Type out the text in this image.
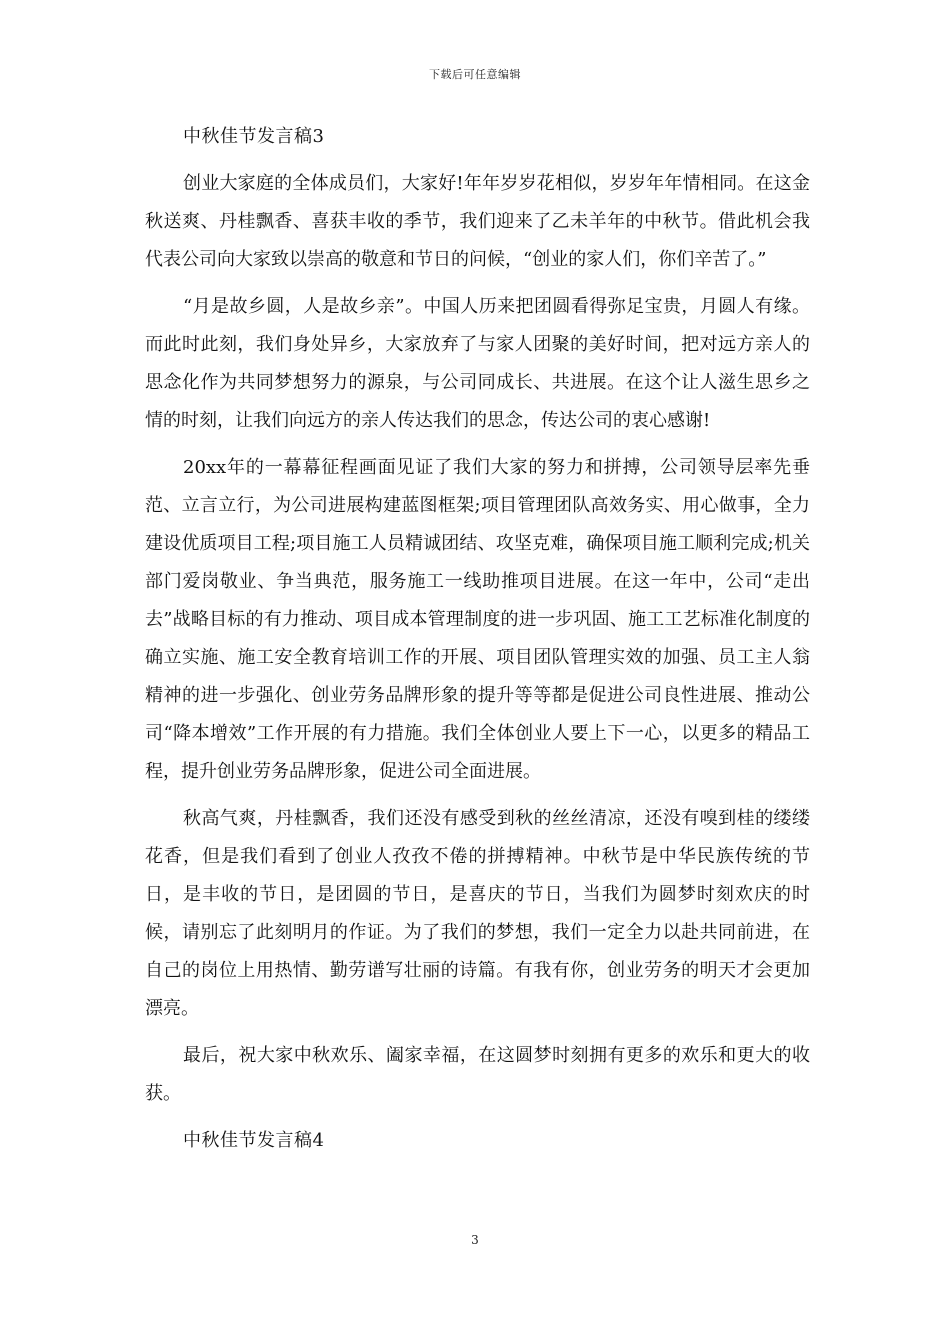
下载后可任意编辑

中秋佳节发言稿3

创业大家庭的全体成员们，大家好!年年岁岁花相似，岁岁年年情相同。在这金秋送爽、丹桂飘香、喜获丰收的季节，我们迎来了乙未羊年的中秋节。借此机会我代表公司向大家致以崇高的敬意和节日的问候，“创业的家人们，你们辛苦了。”

“月是故乡圆，人是故乡亲”。中国人历来把团圆看得弥足宝贵，月圆人有缘。而此时此刻，我们身处异乡，大家放弃了与家人团聚的美好时间，把对远方亲人的思念化作为共同梦想努力的源泉，与公司同成长、共进展。在这个让人滋生思乡之情的时刻，让我们向远方的亲人传达我们的思念，传达公司的衷心感谢!

20xx年的一幕幕征程画面见证了我们大家的努力和拼搏，公司领导层率先垂范、立言立行，为公司进展构建蓝图框架;项目管理团队高效务实、用心做事，全力建设优质项目工程;项目施工人员精诚团结、攻坚克难，确保项目施工顺利完成;机关部门爱岗敬业、争当典范，服务施工一线助推项目进展。在这一年中，公司“走出去”战略目标的有力推动、项目成本管理制度的进一步巩固、施工工艺标准化制度的确立实施、施工安全教育培训工作的开展、项目团队管理实效的加强、员工主人翁精神的进一步强化、创业劳务品牌形象的提升等等都是促进公司良性进展、推动公司“降本增效”工作开展的有力措施。我们全体创业人要上下一心，以更多的精品工程，提升创业劳务品牌形象，促进公司全面进展。

秋高气爽，丹桂飘香，我们还没有感受到秋的丝丝清凉，还没有嗅到桂的缕缕花香，但是我们看到了创业人孜孜不倦的拼搏精神。中秋节是中华民族传统的节日，是丰收的节日，是团圆的节日，是喜庆的节日，当我们为圆梦时刻欢庆的时候，请别忘了此刻明月的作证。为了我们的梦想，我们一定全力以赴共同前进，在自己的岗位上用热情、勤劳谱写壮丽的诗篇。有我有你，创业劳务的明天才会更加漂亮。

最后，祝大家中秋欢乐、阖家幸福，在这圆梦时刻拥有更多的欢乐和更大的收获。

中秋佳节发言稿4

3
